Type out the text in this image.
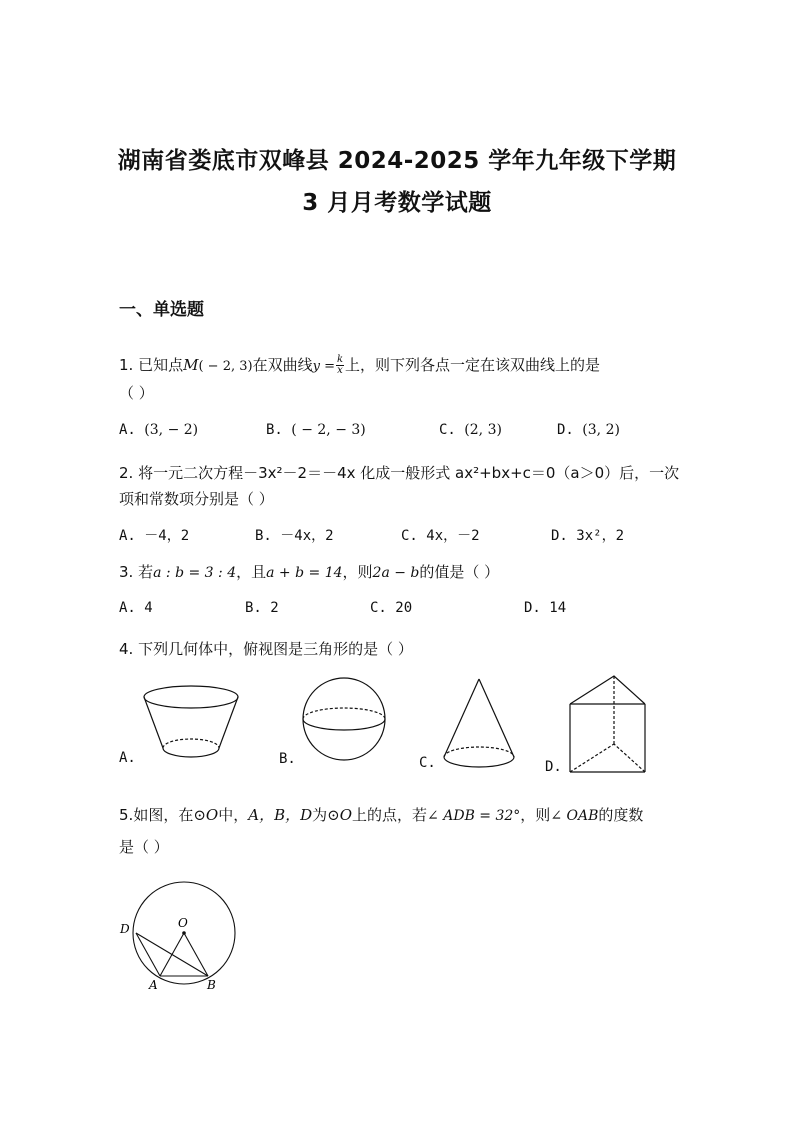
湖南省娄底市双峰县 2024-2025 学年九年级下学期
3 月月考数学试题
一、单选题
1. 已知点M( − 2, 3)在双曲线$y = \frac{k}{x}$ 上，则下列各点一定在该双曲线上的是
（ ）
A. (3, − 2)	B. ( − 2, − 3)	C. (2, 3)	D. (3, 2)
2. 将一元二次方程－3x²－2＝－4x 化成一般形式 ax²+bx+c＝0（a＞0）后，一次
项和常数项分别是（ ）
A. －4，2	B. －4x，2	C. 4x，－2	D. 3x²，2
3. 若a : b = 3 : 4，且a + b = 14，则2a − b的值是（ ）
A. 4	B. 2	C. 20	D. 14
4. 下列几何体中，俯视图是三角形的是（ ）
A.	B.	C.	D.
5.如图，在⊙O中，A，B，D为⊙O上的点，若∠ ADB = 32°，则∠ OAB的度数
是（ ）
D	O
A	B
